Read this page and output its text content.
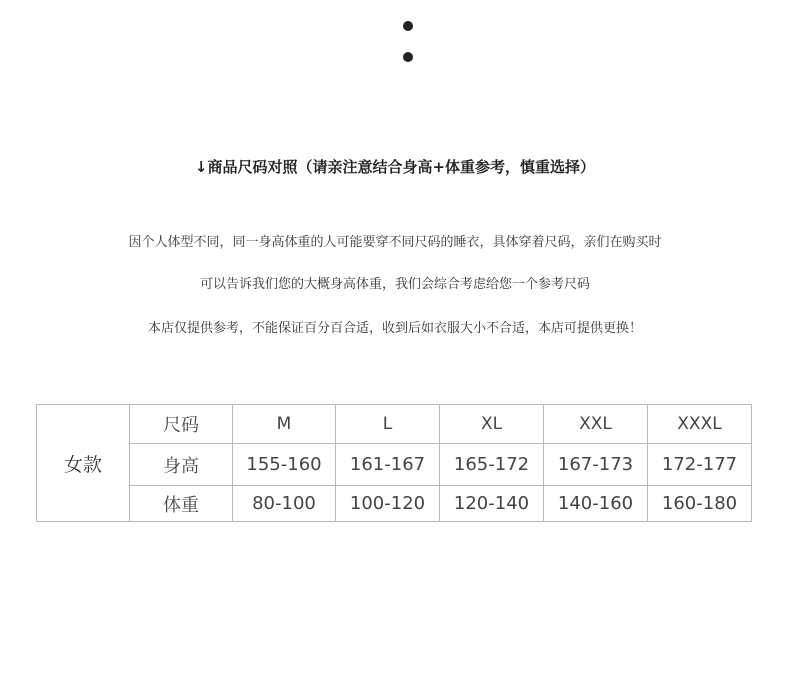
↓商品尺码对照（请亲注意结合身高+体重参考，慎重选择）
因个人体型不同，同一身高体重的人可能要穿不同尺码的睡衣，具体穿着尺码，亲们在购买时
可以告诉我们您的大概身高体重，我们会综合考虑给您一个参考尺码
本店仅提供参考，不能保证百分百合适，收到后如衣服大小不合适，本店可提供更换！
女款	尺码	M	L	XL	XXL	XXXL
	身高	155-160	161-167	165-172	167-173	172-177
	体重	80-100	100-120	120-140	140-160	160-180
